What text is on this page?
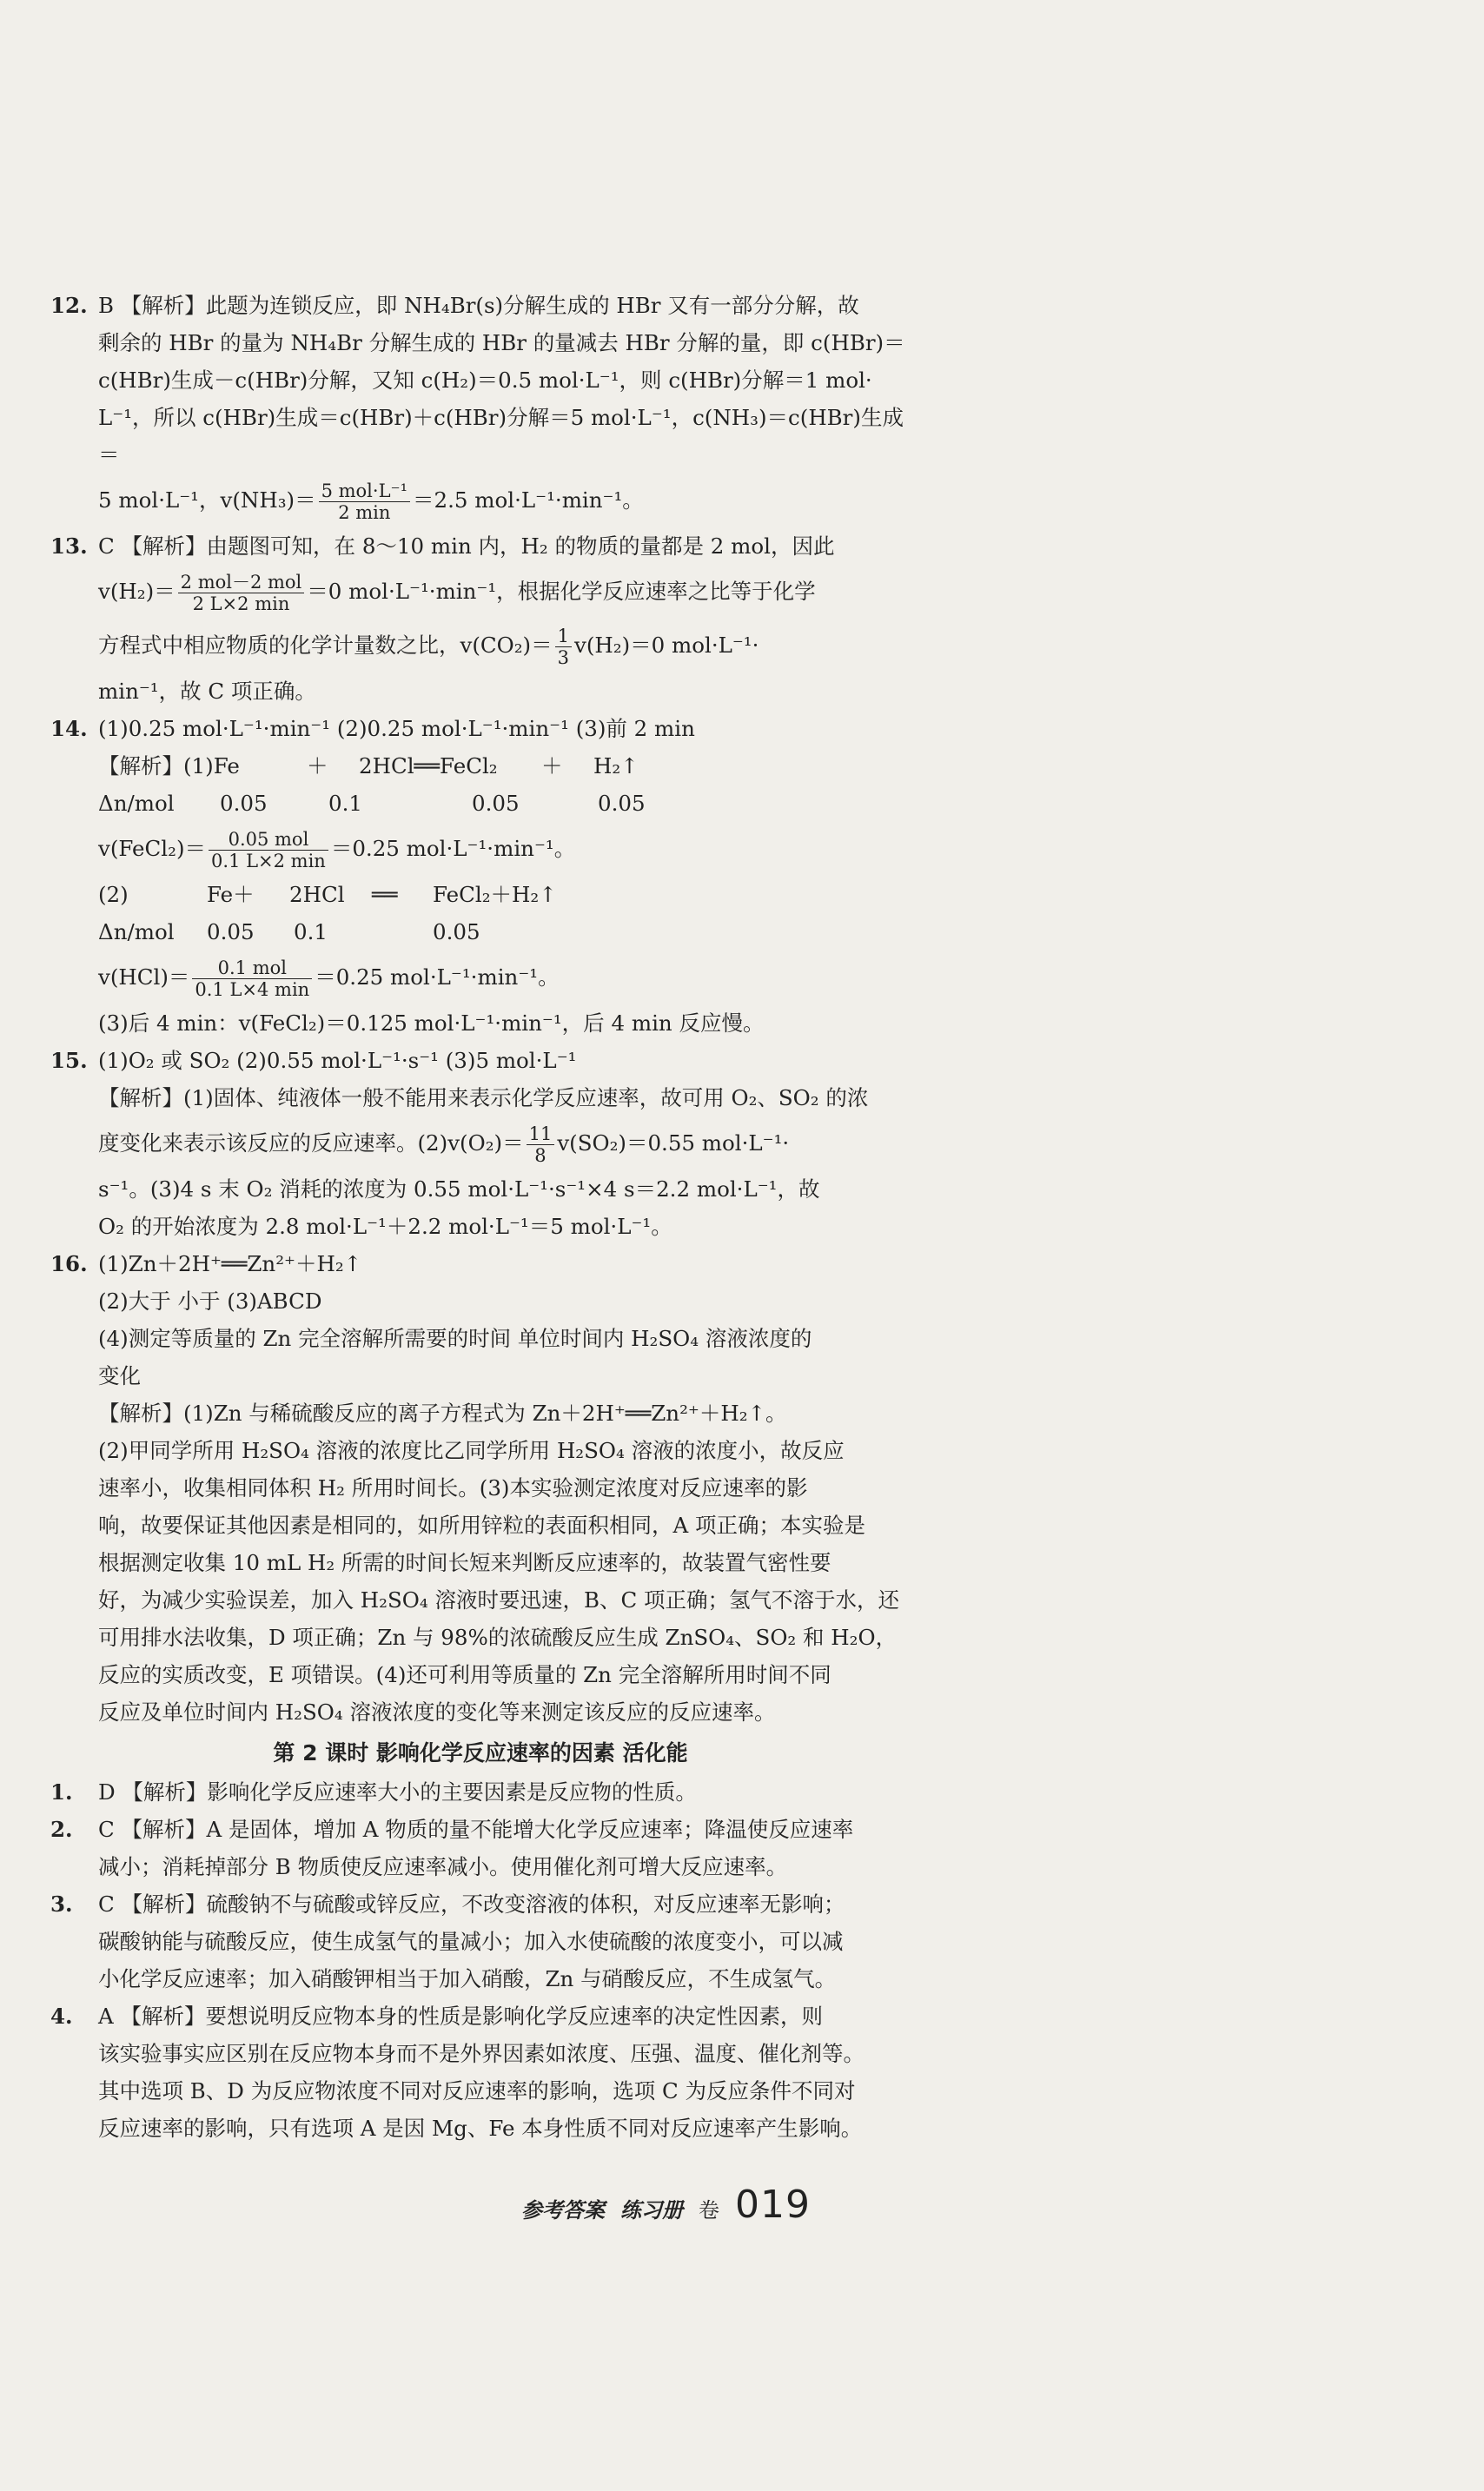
12. B 【解析】此题为连锁反应，即 NH₄Br(s)分解生成的 HBr 又有一部分分解，故
剩余的 HBr 的量为 NH₄Br 分解生成的 HBr 的量减去 HBr 分解的量，即 c(HBr)＝
c(HBr)生成－c(HBr)分解，又知 c(H₂)＝0.5 mol·L⁻¹，则 c(HBr)分解＝1 mol·
L⁻¹，所以 c(HBr)生成＝c(HBr)＋c(HBr)分解＝5 mol·L⁻¹，c(NH₃)＝c(HBr)生成＝
5 mol·L⁻¹，$v(NH_3)= \frac{\text{5 mol·L⁻¹}}{2 \min} =2.5$ mol·L⁻¹·min⁻¹。
13. C 【解析】由题图可知，在 8～10 min 内，H₂ 的物质的量都是 2 mol，因此
$v(H_2)= \frac{\text{2 mol－2 mol}}{2 L\times 2 \min} =0$ mol·L⁻¹·min⁻¹，根据化学反应速率之比等于化学
方程式中相应物质的化学计量数之比，$v(CO_2)= \frac{1}{3} v(H_2)=0$ mol·L⁻¹·
min⁻¹，故 C 项正确。
14. (1)0.25 mol·L⁻¹·min⁻¹ (2)0.25 mol·L⁻¹·min⁻¹ (3)前 2 min
【解析】(1)Fe	＋	2HCl══FeCl₂	＋	H₂↑
Δn/mol	0.05	0.1	0.05	0.05
v(FeCl₂)＝ $\frac{\text{0.05 mol}}{0.1 L\times 2 \min} =0.25$ mol·L⁻¹·min⁻¹。
(2)	Fe＋	2HCl	══	FeCl₂＋H₂↑
Δn/mol	0.05	0.1	0.05
$v(HCl)= \frac{\text{0.1 mol}}{0.1 L\times 4 \min} =0.25$ mol·L⁻¹·min⁻¹。
(3)后 4 min：v(FeCl₂)＝0.125 mol·L⁻¹·min⁻¹，后 4 min 反应慢。
15. (1)O₂ 或 SO₂ (2)0.55 mol·L⁻¹·s⁻¹ (3)5 mol·L⁻¹
【解析】(1)固体、纯液体一般不能用来表示化学反应速率，故可用 O₂、SO₂ 的浓
度变化来表示该反应的反应速率。$(2)v(O_2)= \frac{11}{8} v(SO_2)=0.55$ mol·L⁻¹·
s⁻¹。(3)4 s 末 O₂ 消耗的浓度为 0.55 mol·L⁻¹·s⁻¹×4 s＝2.2 mol·L⁻¹，故
O₂ 的开始浓度为 2.8 mol·L⁻¹＋2.2 mol·L⁻¹＝5 mol·L⁻¹。
16. (1)Zn＋2H⁺══Zn²⁺＋H₂↑
(2)大于 小于 (3)ABCD
(4)测定等质量的 Zn 完全溶解所需要的时间 单位时间内 H₂SO₄ 溶液浓度的
变化
【解析】(1)Zn 与稀硫酸反应的离子方程式为 Zn＋2H⁺══Zn²⁺＋H₂↑。
(2)甲同学所用 H₂SO₄ 溶液的浓度比乙同学所用 H₂SO₄ 溶液的浓度小，故反应
速率小，收集相同体积 H₂ 所用时间长。(3)本实验测定浓度对反应速率的影
响，故要保证其他因素是相同的，如所用锌粒的表面积相同，A 项正确；本实验是
根据测定收集 10 mL H₂ 所需的时间长短来判断反应速率的，故装置气密性要
好，为减少实验误差，加入 H₂SO₄ 溶液时要迅速，B、C 项正确；氢气不溶于水，还
可用排水法收集，D 项正确；Zn 与 98%的浓硫酸反应生成 ZnSO₄、SO₂ 和 H₂O，
反应的实质改变，E 项错误。(4)还可利用等质量的 Zn 完全溶解所用时间不同
反应及单位时间内 H₂SO₄ 溶液浓度的变化等来测定该反应的反应速率。
第 2 课时 影响化学反应速率的因素 活化能
1. D 【解析】影响化学反应速率大小的主要因素是反应物的性质。
2. C 【解析】A 是固体，增加 A 物质的量不能增大化学反应速率；降温使反应速率
减小；消耗掉部分 B 物质使反应速率减小。使用催化剂可增大反应速率。
3. C 【解析】硫酸钠不与硫酸或锌反应，不改变溶液的体积，对反应速率无影响；
碳酸钠能与硫酸反应，使生成氢气的量减小；加入水使硫酸的浓度变小，可以减
小化学反应速率；加入硝酸钾相当于加入硝酸，Zn 与硝酸反应，不生成氢气。
4. A 【解析】要想说明反应物本身的性质是影响化学反应速率的决定性因素，则
该实验事实应区别在反应物本身而不是外界因素如浓度、压强、温度、催化剂等。
其中选项 B、D 为反应物浓度不同对反应速率的影响，选项 C 为反应条件不同对
反应速率的影响，只有选项 A 是因 Mg、Fe 本身性质不同对反应速率产生影响。
参考答案 练习册 卷 019
